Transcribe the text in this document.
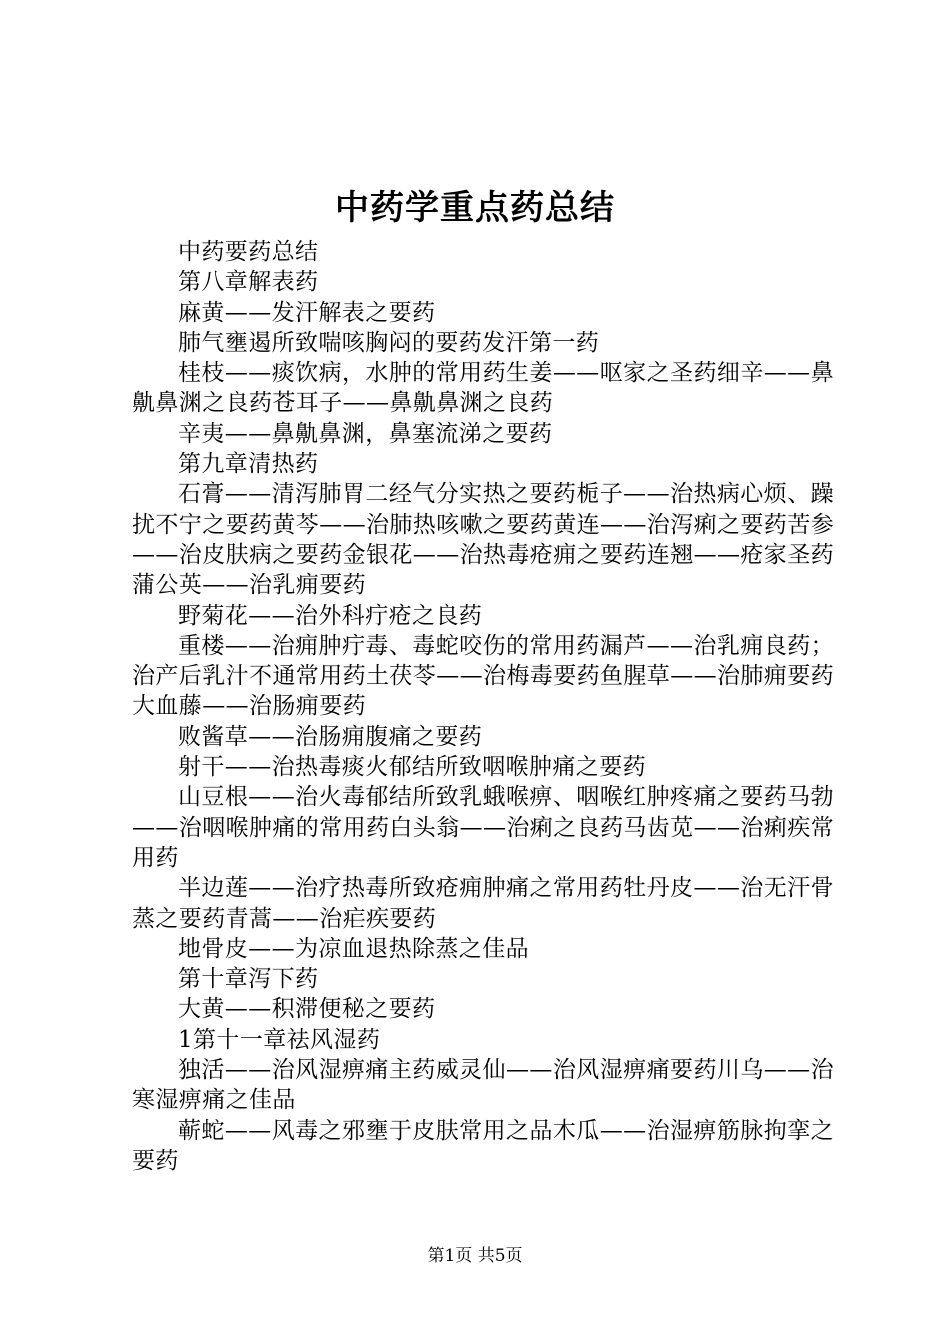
中药学重点药总结

中药要药总结

第八章解表药

麻黄——发汗解表之要药

肺气壅遏所致喘咳胸闷的要药发汗第一药

桂枝——痰饮病，水肿的常用药生姜——呕家之圣药细辛——鼻鼽鼻渊之良药苍耳子——鼻鼽鼻渊之良药

辛夷——鼻鼽鼻渊，鼻塞流涕之要药

第九章清热药

石膏——清泻肺胃二经气分实热之要药栀子——治热病心烦、躁扰不宁之要药黄芩——治肺热咳嗽之要药黄连——治泻痢之要药苦参——治皮肤病之要药金银花——治热毒疮痈之要药连翘——疮家圣药蒲公英——治乳痈要药

野菊花——治外科疔疮之良药

重楼——治痈肿疔毒、毒蛇咬伤的常用药漏芦——治乳痈良药；治产后乳汁不通常用药土茯苓——治梅毒要药鱼腥草——治肺痈要药大血藤——治肠痈要药

败酱草——治肠痈腹痛之要药

射干——治热毒痰火郁结所致咽喉肿痛之要药

山豆根——治火毒郁结所致乳蛾喉痹、咽喉红肿疼痛之要药马勃——治咽喉肿痛的常用药白头翁——治痢之良药马齿苋——治痢疾常用药

半边莲——治疗热毒所致疮痈肿痛之常用药牡丹皮——治无汗骨蒸之要药青蒿——治疟疾要药

地骨皮——为凉血退热除蒸之佳品

第十章泻下药

大黄——积滞便秘之要药

1第十一章祛风湿药

独活——治风湿痹痛主药威灵仙——治风湿痹痛要药川乌——治寒湿痹痛之佳品

蕲蛇——风毒之邪壅于皮肤常用之品木瓜——治湿痹筋脉拘挛之要药

第1页 共5页
